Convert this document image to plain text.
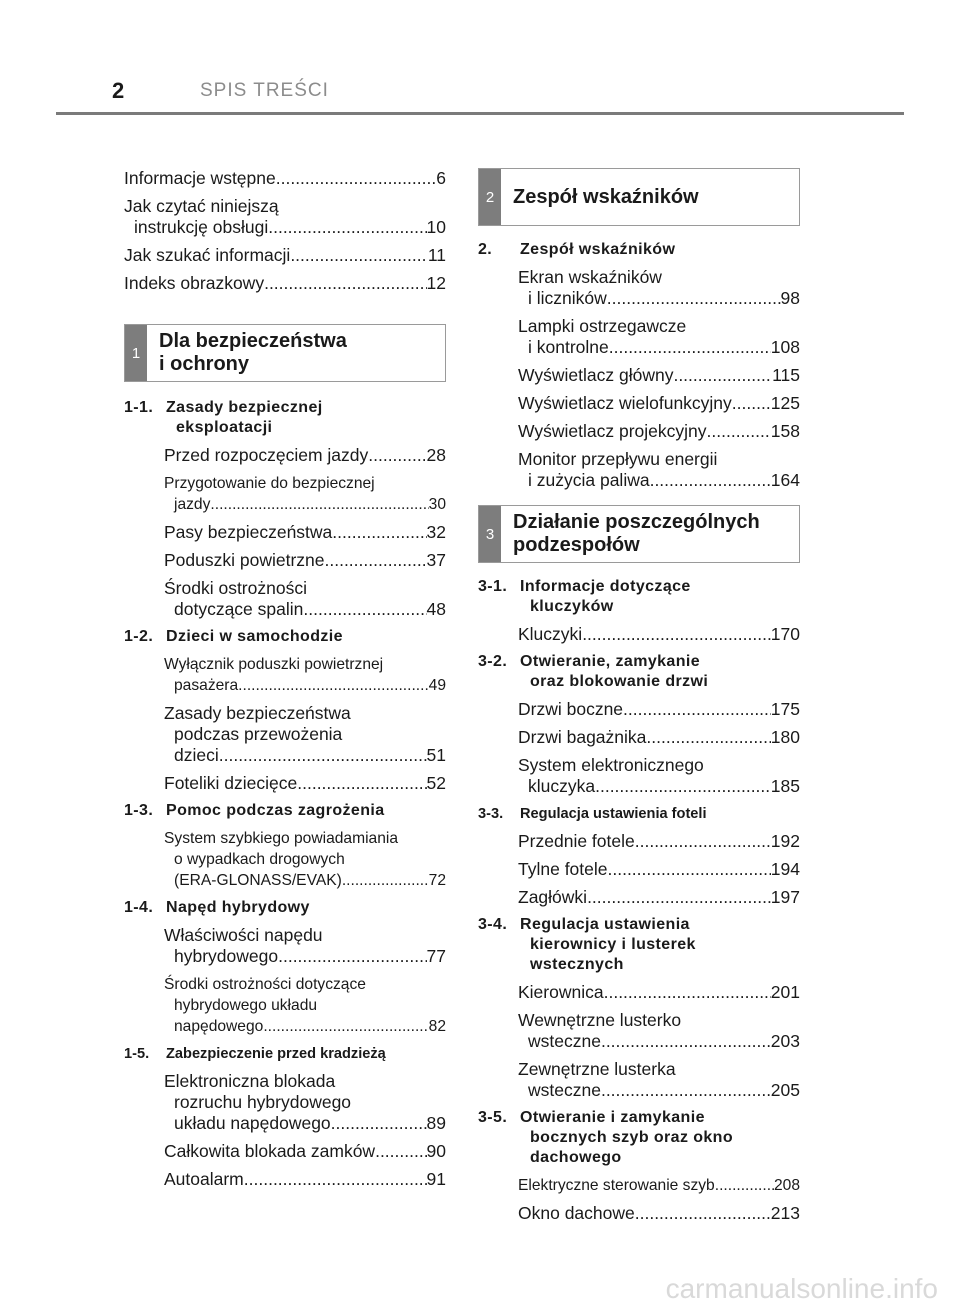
2	SPIS TREŚCI
Informacje wstępne .....	6
Jak czytać niniejszą
instrukcję obsługi .....	10
Jak szukać informacji .....	11
Indeks obrazkowy .....	12
1
Dla bezpieczeństwa
i ochrony
1-1. Zasady bezpiecznej
eksploatacji
Przed rozpoczęciem jazdy .....	28
Przygotowanie do bezpiecznej
jazdy .....	30
Pasy bezpieczeństwa .....	32
Poduszki powietrzne .....	37
Środki ostrożności
dotyczące spalin .....	48
1-2. Dzieci w samochodzie
Wyłącznik poduszki powietrznej
pasażera .....	49
Zasady bezpieczeństwa
podczas przewożenia
dzieci .....	51
Foteliki dziecięce .....	52
1-3. Pomoc podczas zagrożenia
System szybkiego powiadamiania
o wypadkach drogowych
(ERA-GLONASS/EVAK) .....	72
1-4. Napęd hybrydowy
Właściwości napędu
hybrydowego .....	77
Środki ostrożności dotyczące
hybrydowego układu
napędowego .....	82
1-5.	Zabezpieczenie przed kradzieżą
Elektroniczna blokada
rozruchu hybrydowego
układu napędowego .....	89
Całkowita blokada zamków .....	90
Autoalarm .....	91
2 Zespół wskaźników
2.	Zespół wskaźników
Ekran wskaźników
i liczników .....	98
Lampki ostrzegawcze
i kontrolne .....	108
Wyświetlacz główny .....	115
Wyświetlacz wielofunkcyjny ..... 125
Wyświetlacz projekcyjny .....	158
Monitor przepływu energii
i zużycia paliwa .....	164
3
Działanie poszczególnych
podzespołów
3-1. Informacje dotyczące
kluczyków
Kluczyki .....	170
3-2. Otwieranie, zamykanie
oraz blokowanie drzwi
Drzwi boczne .....	175
Drzwi bagażnika .....	180
System elektronicznego
kluczyka .....	185
3-3.	Regulacja ustawienia foteli
Przednie fotele .....	192
Tylne fotele .....	194
Zagłówki .....	197
3-4. Regulacja ustawienia
kierownicy i lusterek
wstecznych
Kierownica .....	201
Wewnętrzne lusterko
wsteczne .....	203
Zewnętrzne lusterka
wsteczne .....	205
3-5. Otwieranie i zamykanie
bocznych szyb oraz okno
dachowego
Elektryczne sterowanie szyb .....	208
Okno dachowe .....	213
carmanualsonline.info
